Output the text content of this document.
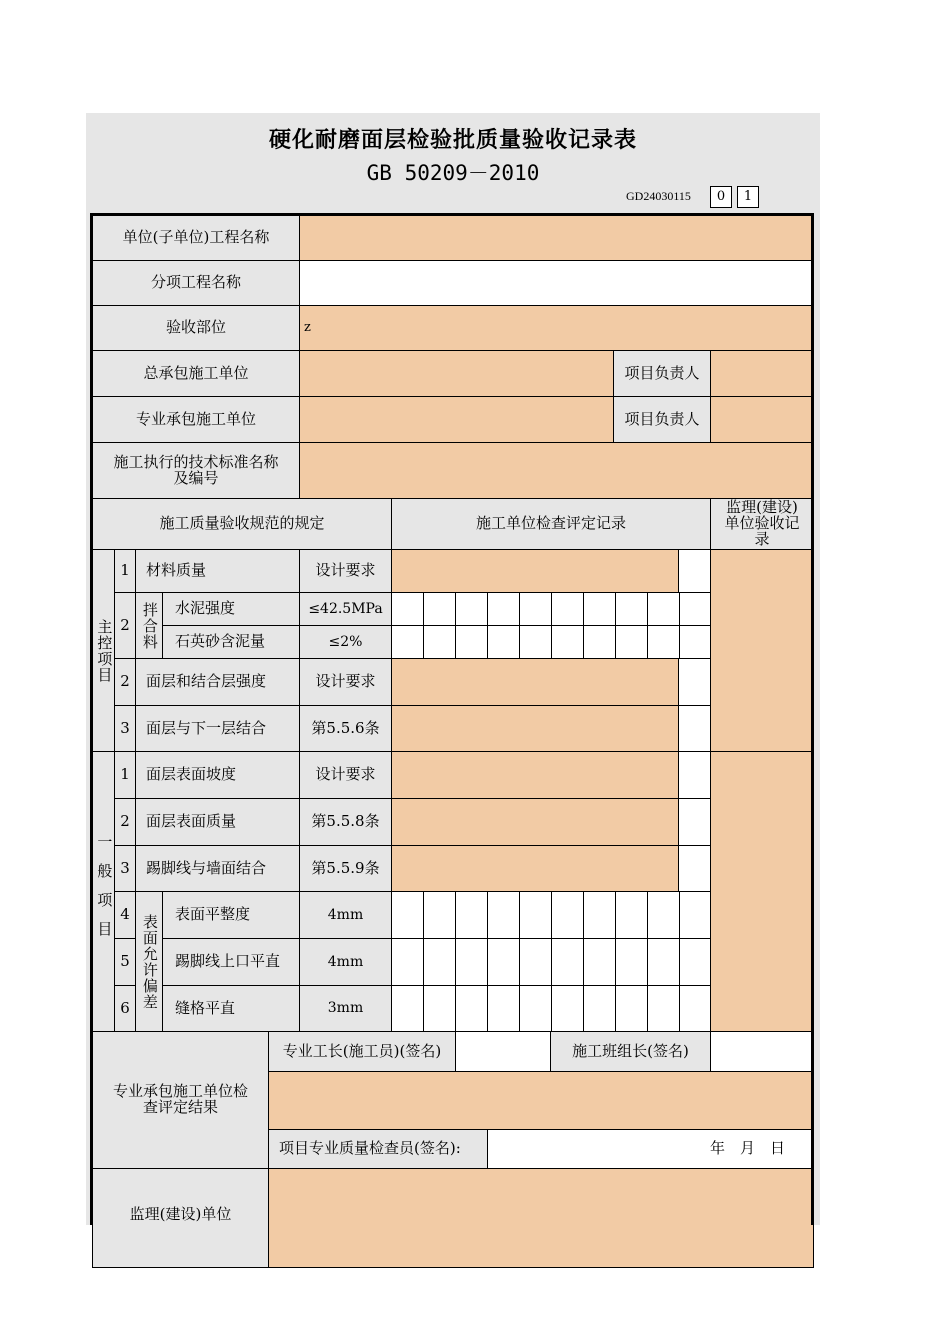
硬化耐磨面层检验批质量验收记录表
GB 50209－2010
GD24030115	0	1
单位(子单位)工程名称
分项工程名称
验收部位	z
总承包施工单位	项目负责人
专业承包施工单位	项目负责人
施工执行的技术标准名称及编号
施工质量验收规范的规定	施工单位检查评定记录
监理(建设)单位验收记录
主控项目
1	材料质量	设计要求
2 拌合料	水泥强度	≤42.5MPa
石英砂含泥量	≤2%
2	面层和结合层强度	设计要求
3	面层与下一层结合	第5.5.6条
一般项目
1	面层表面坡度	设计要求
2	面层表面质量	第5.5.8条
3	踢脚线与墙面结合	第5.5.9条
4 表面允许偏差	表面平整度	4mm
5	踢脚线上口平直	4mm
6	缝格平直	3mm
专业承包施工单位检查评定结果
专业工长(施工员)(签名)	施工班组长(签名)
项目专业质量检查员(签名):	年　月　日
监理(建设)单位
